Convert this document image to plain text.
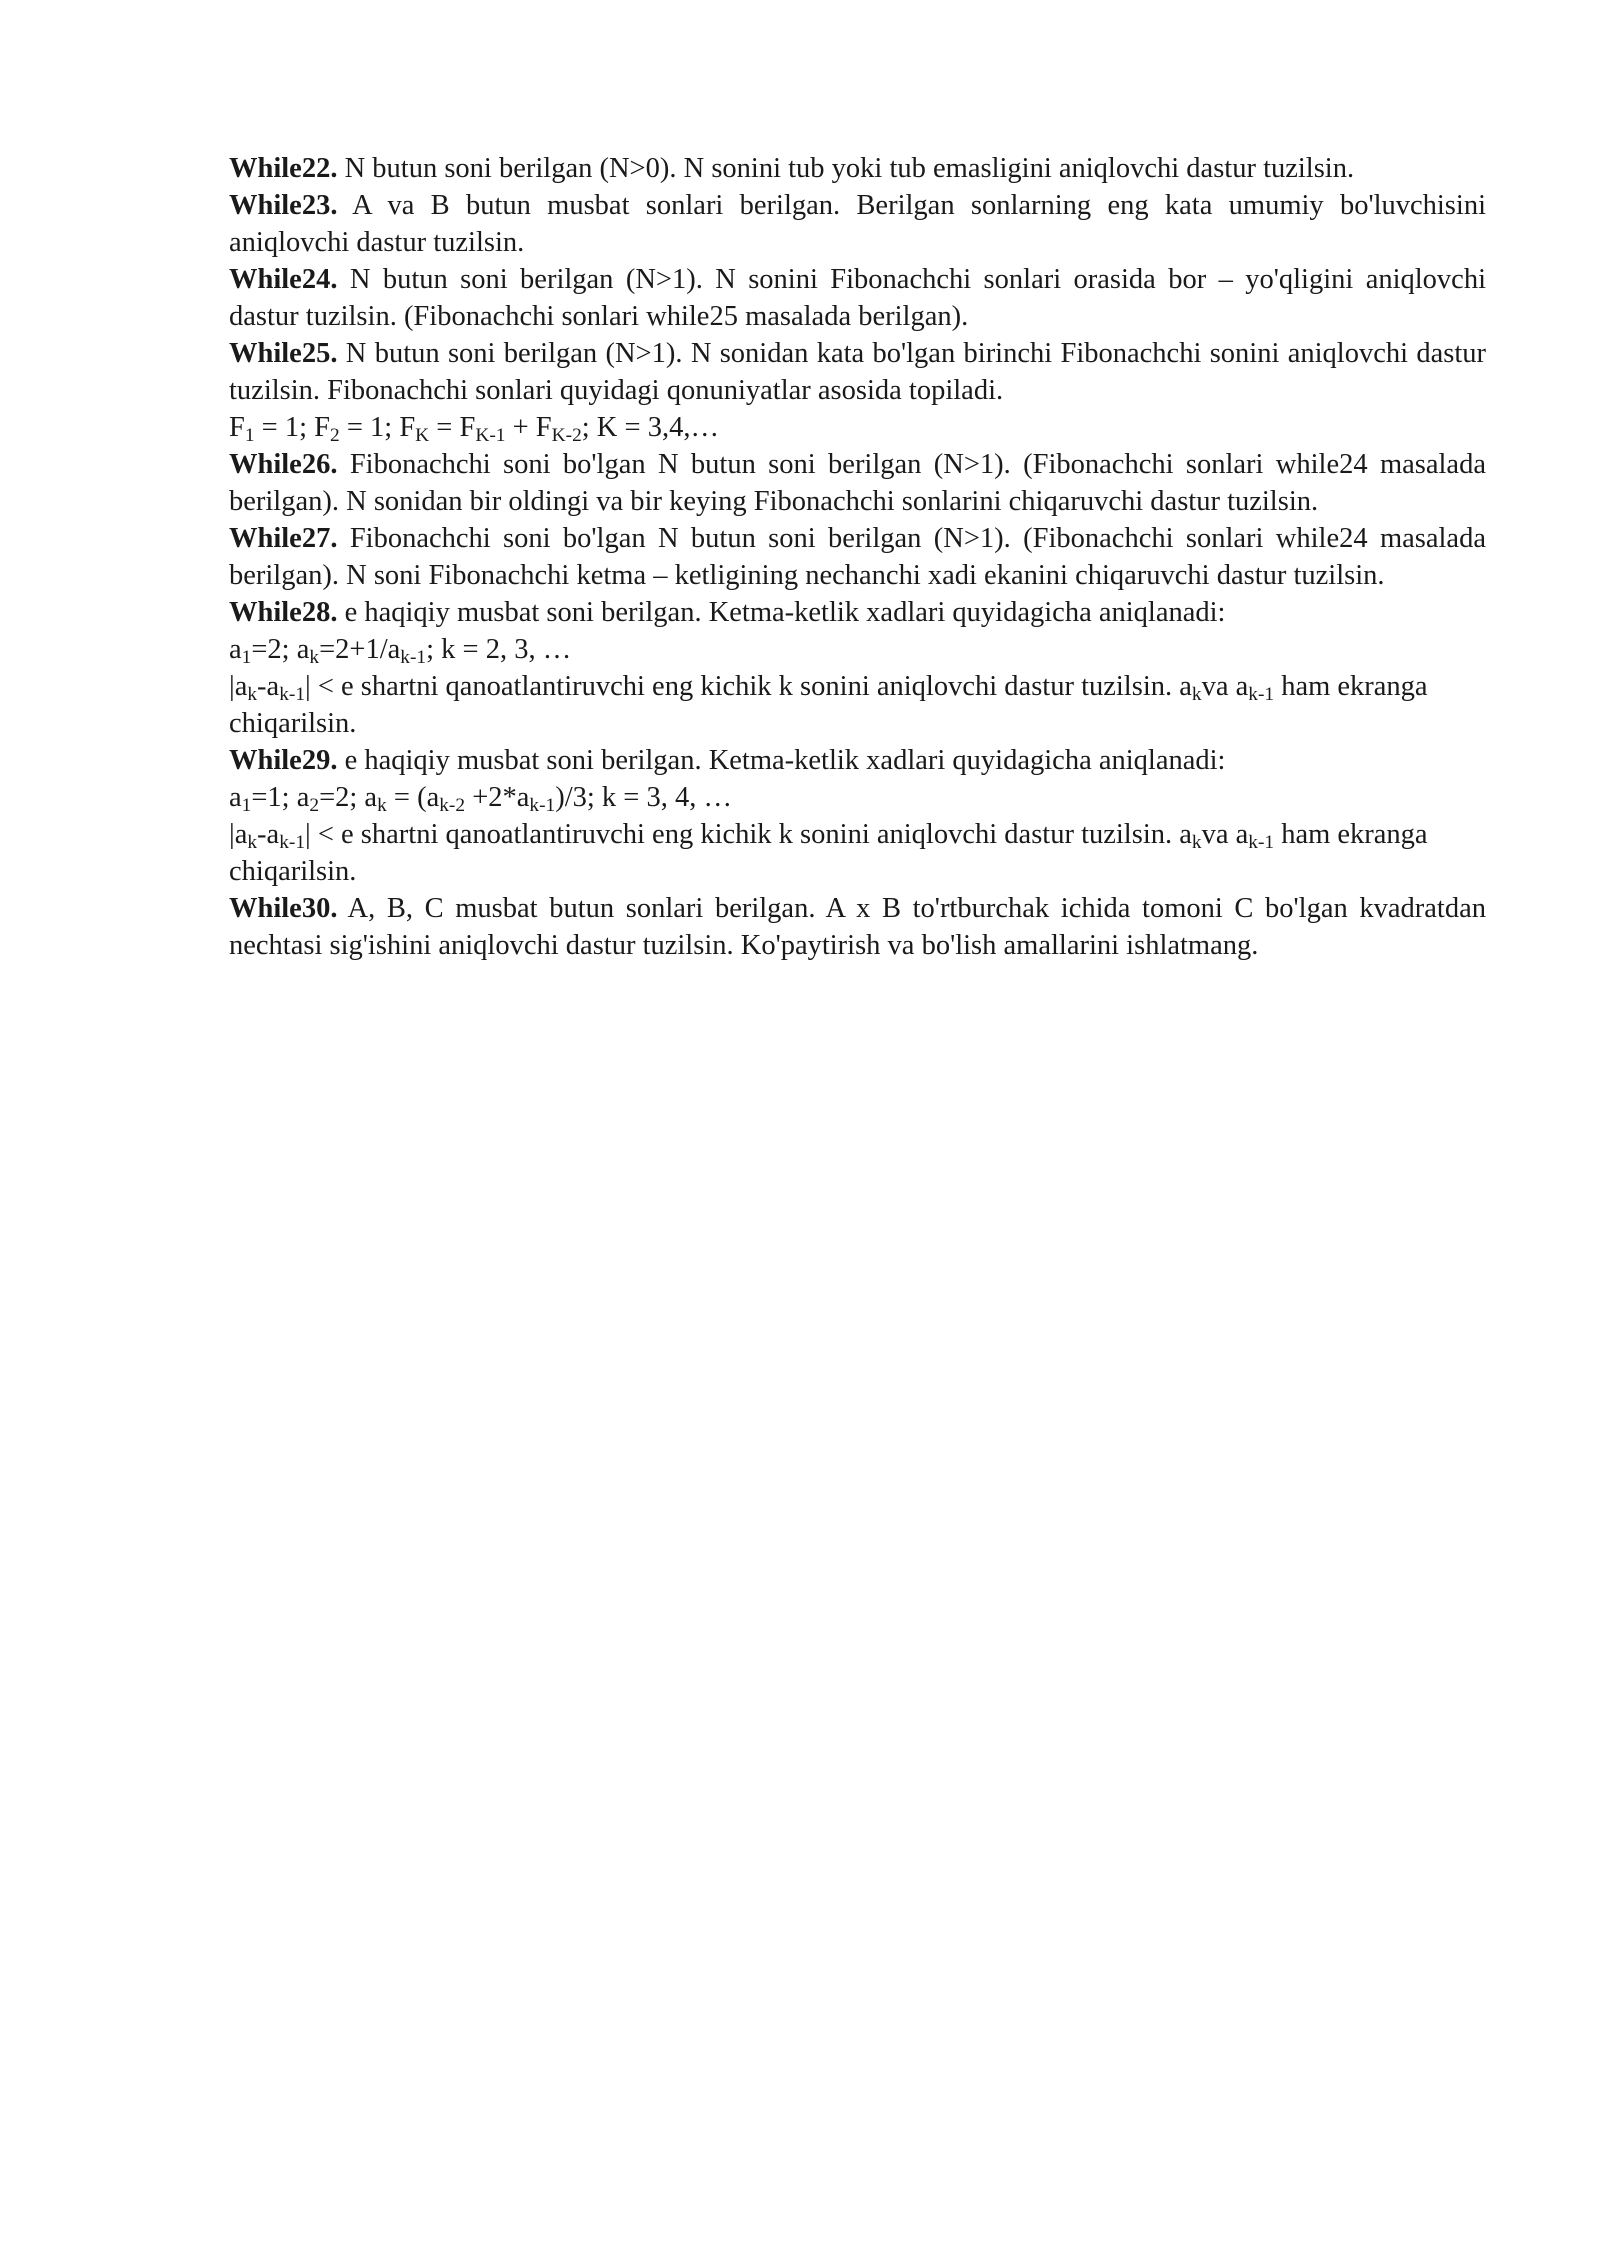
While22. N butun soni berilgan (N>0). N sonini tub yoki tub emasligini aniqlovchi dastur tuzilsin.

While23. A va B butun musbat sonlari berilgan. Berilgan sonlarning eng kata umumiy bo'luvchisini aniqlovchi dastur tuzilsin.

While24. N butun soni berilgan (N>1). N sonini Fibonachchi sonlari orasida bor – yo'qligini aniqlovchi dastur tuzilsin. (Fibonachchi sonlari while25 masalada berilgan).

While25. N butun soni berilgan (N>1). N sonidan kata bo'lgan birinchi Fibonachchi sonini aniqlovchi dastur tuzilsin. Fibonachchi sonlari quyidagi qonuniyatlar asosida topiladi.

$F_1 = 1$; $F_2 = 1$; $F_K = F_{K-1} + F_{K-2}$; K = 3,4,…

While26. Fibonachchi soni bo'lgan N butun soni berilgan (N>1). (Fibonachchi sonlari while24 masalada berilgan). N sonidan bir oldingi va bir keying Fibonachchi sonlarini chiqaruvchi dastur tuzilsin.

While27. Fibonachchi soni bo'lgan N butun soni berilgan (N>1). (Fibonachchi sonlari while24 masalada berilgan). N soni Fibonachchi ketma – ketligining nechanchi xadi ekanini chiqaruvchi dastur tuzilsin.

While28. e haqiqiy musbat soni berilgan. Ketma-ketlik xadlari quyidagicha aniqlanadi:

$a_1=2$; $a_k=2+1/a_{k-1}$; k = 2, 3, …

$|a_k-a_{k-1}| < e$ shartni qanoatlantiruvchi eng kichik k sonini aniqlovchi dastur tuzilsin. $a_kva$ $a_{k-1}$ ham ekranga chiqarilsin.

While29. e haqiqiy musbat soni berilgan. Ketma-ketlik xadlari quyidagicha aniqlanadi:

$a_1=1$; $a_2=2$; $a_k = (a_{k-2} +2*a_{k-1})/3$; k = 3, 4, …

$|a_k-a_{k-1}| < e$ shartni qanoatlantiruvchi eng kichik k sonini aniqlovchi dastur tuzilsin. $a_kva$ $a_{k-1}$ ham ekranga chiqarilsin.

While30. A, B, C musbat butun sonlari berilgan. A x B to'rtburchak ichida tomoni C bo'lgan kvadratdan nechtasi sig'ishini aniqlovchi dastur tuzilsin. Ko'paytirish va bo'lish amallarini ishlatmang.
